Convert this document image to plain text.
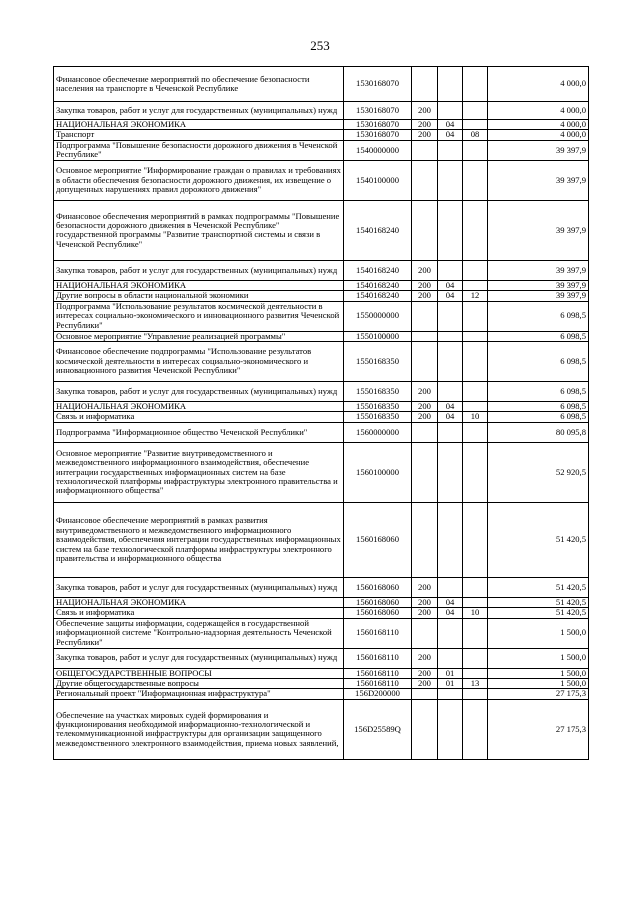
253
Финансовое обеспечение мероприятий по обеспечение безопасности населения на транспорте в Чеченской Республике	1530168070				4 000,0
Закупка товаров, работ и услуг для государственных (муниципальных) нужд	1530168070	200			4 000,0
НАЦИОНАЛЬНАЯ ЭКОНОМИКА	1530168070	200	04		4 000,0
Транспорт	1530168070	200	04	08	4 000,0
Подпрограмма "Повышение безопасности дорожного движения в Чеченской Республике"	1540000000				39 397,9
Основное мероприятие "Информирование граждан о правилах и требованиях в области обеспечения безопасности дорожного движения, их извещение о допущенных нарушениях правил дорожного движения"	1540100000				39 397,9
Финансовое обеспечения мероприятий в рамках подпрограммы "Повышение безопасности дорожного движения в Чеченской Республике" государственной программы "Развитие транспортной системы и связи в Чеченской Республике"	1540168240				39 397,9
Закупка товаров, работ и услуг для государственных (муниципальных) нужд	1540168240	200			39 397,9
НАЦИОНАЛЬНАЯ ЭКОНОМИКА	1540168240	200	04		39 397,9
Другие вопросы в области национальной экономики	1540168240	200	04	12	39 397,9
Подпрограмма "Использование результатов космической деятельности в интересах социально-экономического и инновационного развития Чеченской Республики"	1550000000				6 098,5
Основное мероприятие "Управление реализацией программы"	1550100000				6 098,5
Финансовое обеспечение подпрограммы "Использование результатов космической деятельности в интересах социально-экономического и инновационного развития Чеченской Республики"	1550168350				6 098,5
Закупка товаров, работ и услуг для государственных (муниципальных) нужд	1550168350	200			6 098,5
НАЦИОНАЛЬНАЯ ЭКОНОМИКА	1550168350	200	04		6 098,5
Связь и информатика	1550168350	200	04	10	6 098,5
Подпрограмма "Информационное общество Чеченской Республики"	1560000000				80 095,8
Основное мероприятие "Развитие внутриведомственного и межведомственного информационного взаимодействия, обеспечение интеграции государственных информационных систем на базе технологической платформы инфраструктуры электронного правительства и информационного общества"	1560100000				52 920,5
Финансовое обеспечение мероприятий в рамках развития внутриведомственного и межведомственного информационного взаимодействия, обеспечения интеграции государственных информационных систем на базе технологической платформы инфраструктуры электронного правительства и информационного общества	1560168060				51 420,5
Закупка товаров, работ и услуг для государственных (муниципальных) нужд	1560168060	200			51 420,5
НАЦИОНАЛЬНАЯ ЭКОНОМИКА	1560168060	200	04		51 420,5
Связь и информатика	1560168060	200	04	10	51 420,5
Обеспечение защиты информации, содержащейся в государственной информационной системе "Контрольно-надзорная деятельность Чеченской Республики"	1560168110				1 500,0
Закупка товаров, работ и услуг для государственных (муниципальных) нужд	1560168110	200			1 500,0
ОБЩЕГОСУДАРСТВЕННЫЕ ВОПРОСЫ	1560168110	200	01		1 500,0
Другие общегосударственные вопросы	1560168110	200	01	13	1 500,0
Региональный проект "Информационная инфраструктура"	156D200000				27 175,3
Обеспечение на участках мировых судей формирования и функционирования необходимой информационно-технологической и телекоммуникационной инфраструктуры для организации защищенного межведомственного электронного взаимодействия, приема новых заявлений,	156D25589Q				27 175,3
